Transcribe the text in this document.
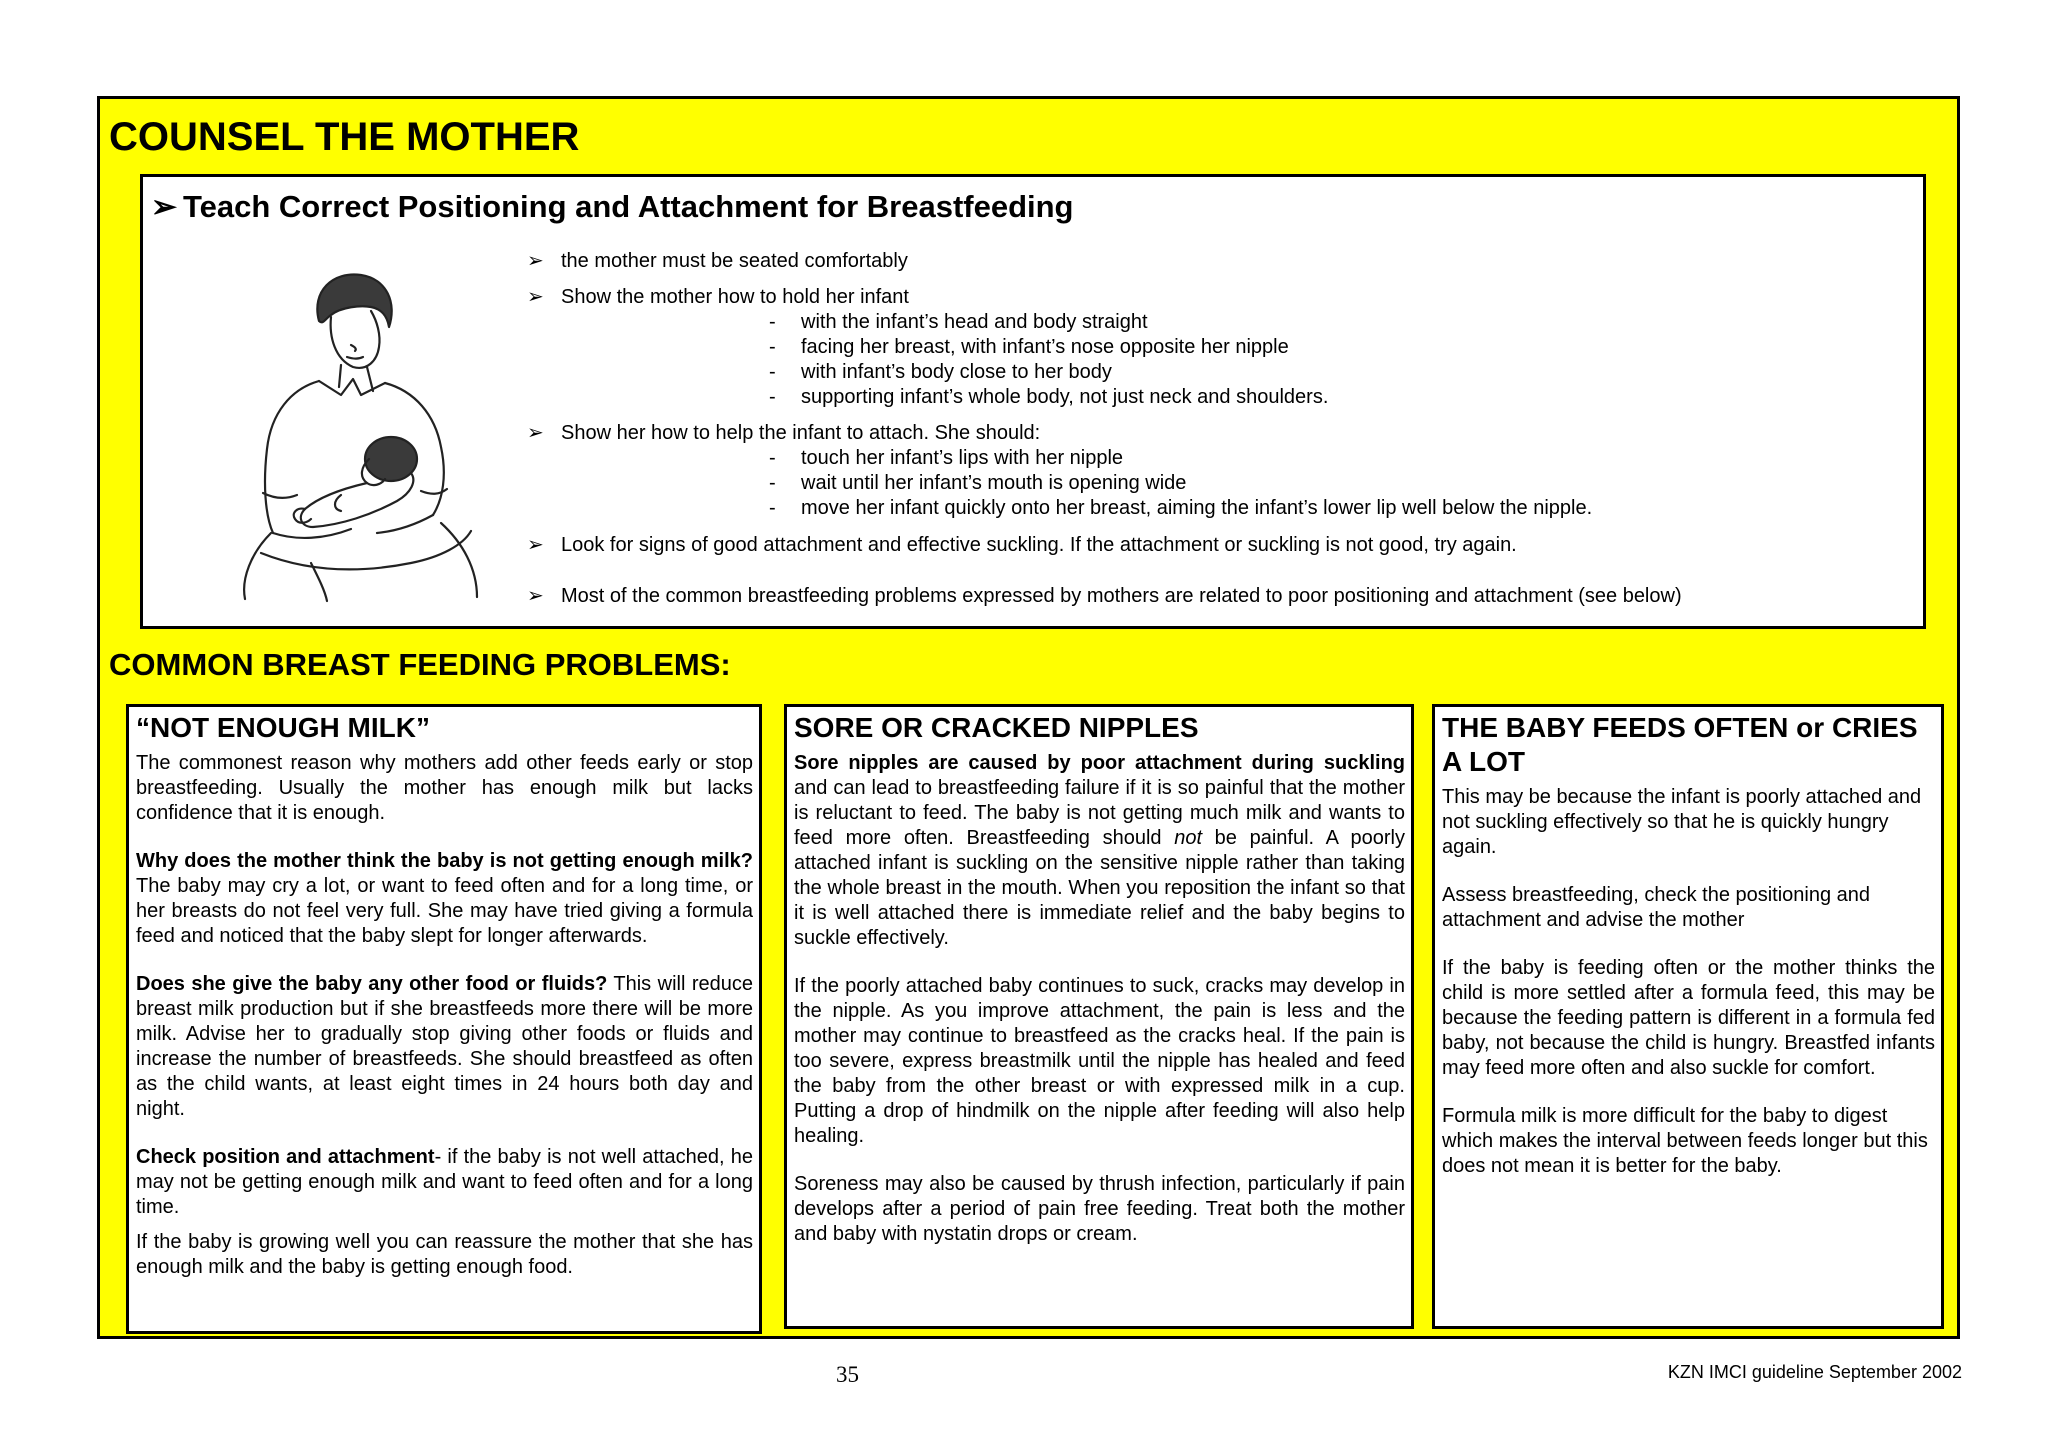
COUNSEL THE MOTHER
➢ Teach Correct Positioning and Attachment for Breastfeeding
➢ the mother must be seated comfortably
➢ Show the mother how to hold her infant
- with the infant’s head and body straight
- facing her breast, with infant’s nose opposite her nipple
- with infant’s body close to her body
- supporting infant’s whole body, not just neck and shoulders.
➢ Show her how to help the infant to attach. She should:
- touch her infant’s lips with her nipple
- wait until her infant’s mouth is opening wide
- move her infant quickly onto her breast, aiming the infant’s lower lip well below the nipple.
➢ Look for signs of good attachment and effective suckling. If the attachment or suckling is not good, try again.
➢ Most of the common breastfeeding problems expressed by mothers are related to poor positioning and attachment (see below)
COMMON BREAST FEEDING PROBLEMS:
“NOT ENOUGH MILK”

The commonest reason why mothers add other feeds early or stop breastfeeding. Usually the mother has enough milk but lacks confidence that it is enough.

Why does the mother think the baby is not getting enough milk? The baby may cry a lot, or want to feed often and for a long time, or her breasts do not feel very full. She may have tried giving a formula feed and noticed that the baby slept for longer afterwards.

Does she give the baby any other food or fluids? This will reduce breast milk production but if she breastfeeds more there will be more milk. Advise her to gradually stop giving other foods or fluids and increase the number of breastfeeds. She should breastfeed as often as the child wants, at least eight times in 24 hours both day and night.

Check position and attachment- if the baby is not well attached, he may not be getting enough milk and want to feed often and for a long time.

If the baby is growing well you can reassure the mother that she has enough milk and the baby is getting enough food.

SORE OR CRACKED NIPPLES

Sore nipples are caused by poor attachment during suckling and can lead to breastfeeding failure if it is so painful that the mother is reluctant to feed. The baby is not getting much milk and wants to feed more often. Breastfeeding should not be painful. A poorly attached infant is suckling on the sensitive nipple rather than taking the whole breast in the mouth. When you reposition the infant so that it is well attached there is immediate relief and the baby begins to suckle effectively.

If the poorly attached baby continues to suck, cracks may develop in the nipple. As you improve attachment, the pain is less and the mother may continue to breastfeed as the cracks heal. If the pain is too severe, express breastmilk until the nipple has healed and feed the baby from the other breast or with expressed milk in a cup. Putting a drop of hindmilk on the nipple after feeding will also help healing.

Soreness may also be caused by thrush infection, particularly if pain develops after a period of pain free feeding. Treat both the mother and baby with nystatin drops or cream.

THE BABY FEEDS OFTEN or CRIES A LOT

This may be because the infant is poorly attached and not suckling effectively so that he is quickly hungry again.

Assess breastfeeding, check the positioning and attachment and advise the mother

If the baby is feeding often or the mother thinks the child is more settled after a formula feed, this may be because the feeding pattern is different in a formula fed baby, not because the child is hungry. Breastfed infants may feed more often and also suckle for comfort.

Formula milk is more difficult for the baby to digest which makes the interval between feeds longer but this does not mean it is better for the baby.

35	KZN IMCI guideline September 2002
